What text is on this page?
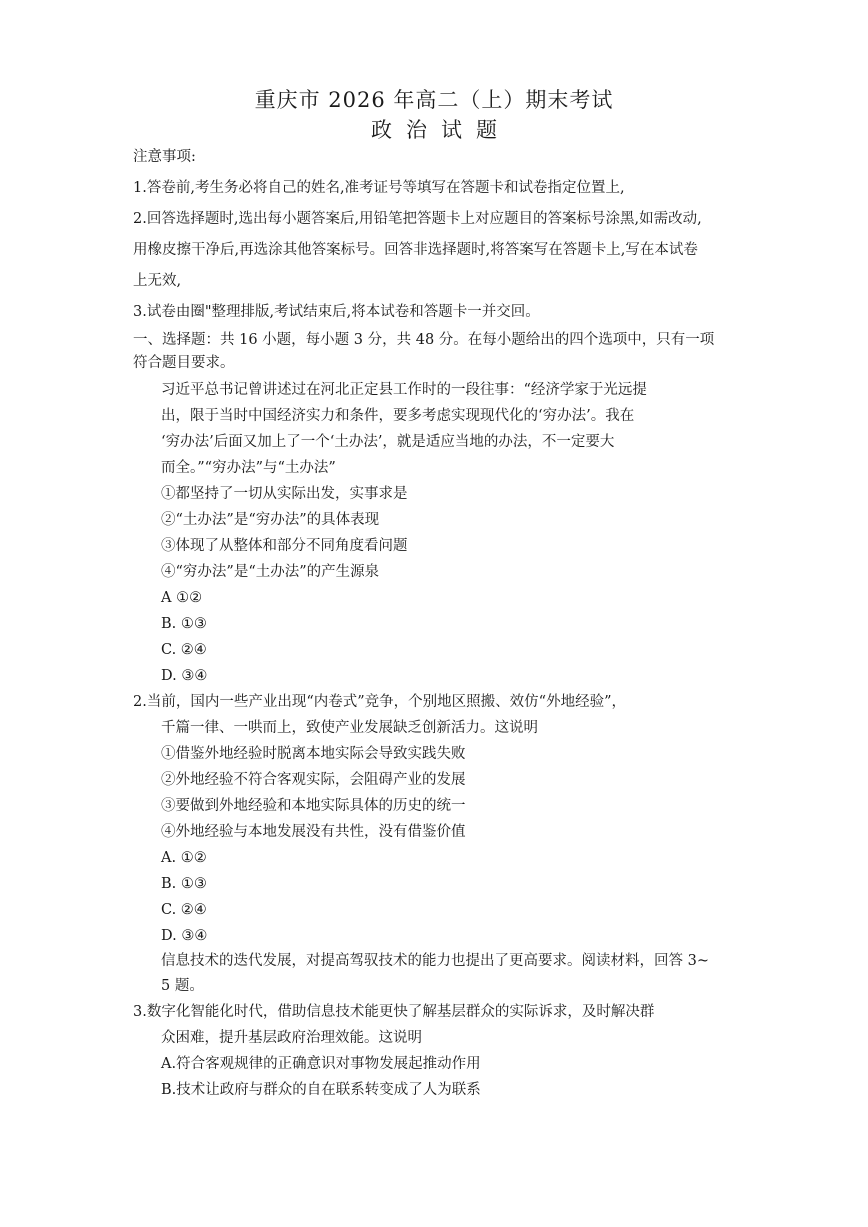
重庆市 2026 年高二（上）期末考试
政治试题
注意事项:
1.答卷前,考生务必将自己的姓名,准考证号等填写在答题卡和试卷指定位置上,
2.回答选择题时,选出每小题答案后,用铅笔把答题卡上对应题目的答案标号涂黑,如需改动,
用橡皮擦干净后,再选涂其他答案标号。回答非选择题时,将答案写在答题卡上,写在本试卷
上无效,
3.试卷由圈"整理排版,考试结束后,将本试卷和答题卡一并交回。
一、选择题：共 16 小题，每小题 3 分，共 48 分。在每小题给出的四个选项中，只有一项
符合题目要求。
习近平总书记曾讲述过在河北正定县工作时的一段往事：“经济学家于光远提
出，限于当时中国经济实力和条件，要多考虑实现现代化的‘穷办法’。我在
‘穷办法’后面又加上了一个‘土办法’，就是适应当地的办法，不一定要大
而全。”“穷办法”与“土办法”
①都坚持了一切从实际出发，实事求是
②“土办法”是“穷办法”的具体表现
③体现了从整体和部分不同角度看问题
④“穷办法”是“土办法”的产生源泉
A ①②
B. ①③
C. ②④
D. ③④
2.当前，国内一些产业出现“内卷式”竞争，个别地区照搬、效仿“外地经验”，
千篇一律、一哄而上，致使产业发展缺乏创新活力。这说明
①借鉴外地经验时脱离本地实际会导致实践失败
②外地经验不符合客观实际，会阻碍产业的发展
③要做到外地经验和本地实际具体的历史的统一
④外地经验与本地发展没有共性，没有借鉴价值
A. ①②
B. ①③
C. ②④
D. ③④
信息技术的迭代发展，对提高驾驭技术的能力也提出了更高要求。阅读材料，回答 3~
5 题。
3.数字化智能化时代，借助信息技术能更快了解基层群众的实际诉求，及时解决群
众困难，提升基层政府治理效能。这说明
A.符合客观规律的正确意识对事物发展起推动作用
B.技术让政府与群众的自在联系转变成了人为联系
